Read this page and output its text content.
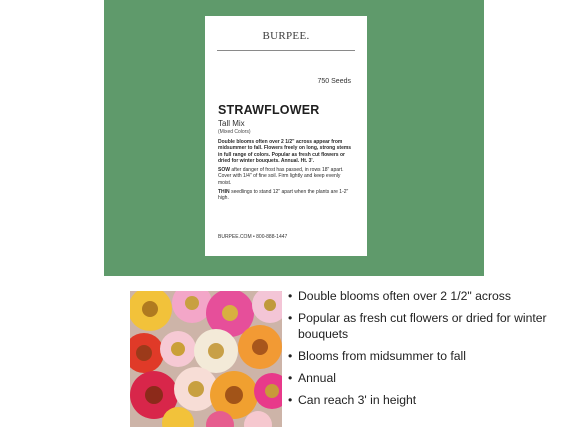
BURPEE.
750 Seeds
STRAWFLOWER
Tall Mix
(Mixed Colors)

Double blooms often over 2 1/2" across appear from midsummer to fall. Flowers freely on long, strong stems in full range of colors. Popular as fresh cut flowers or dried for winter bouquets. Annual. Ht. 3'.

SOW after danger of frost has passed, in rows 18" apart. Cover with 1/4" of fine soil. Firm lightly and keep evenly moist.

THIN seedlings to stand 12" apart when the plants are 1-2" high.

BURPEE.COM • 800-888-1447
• Double blooms often over 2 1/2" across
• Popular as fresh cut flowers or dried for winter bouquets
• Blooms from midsummer to fall
• Annual
• Can reach 3' in height
